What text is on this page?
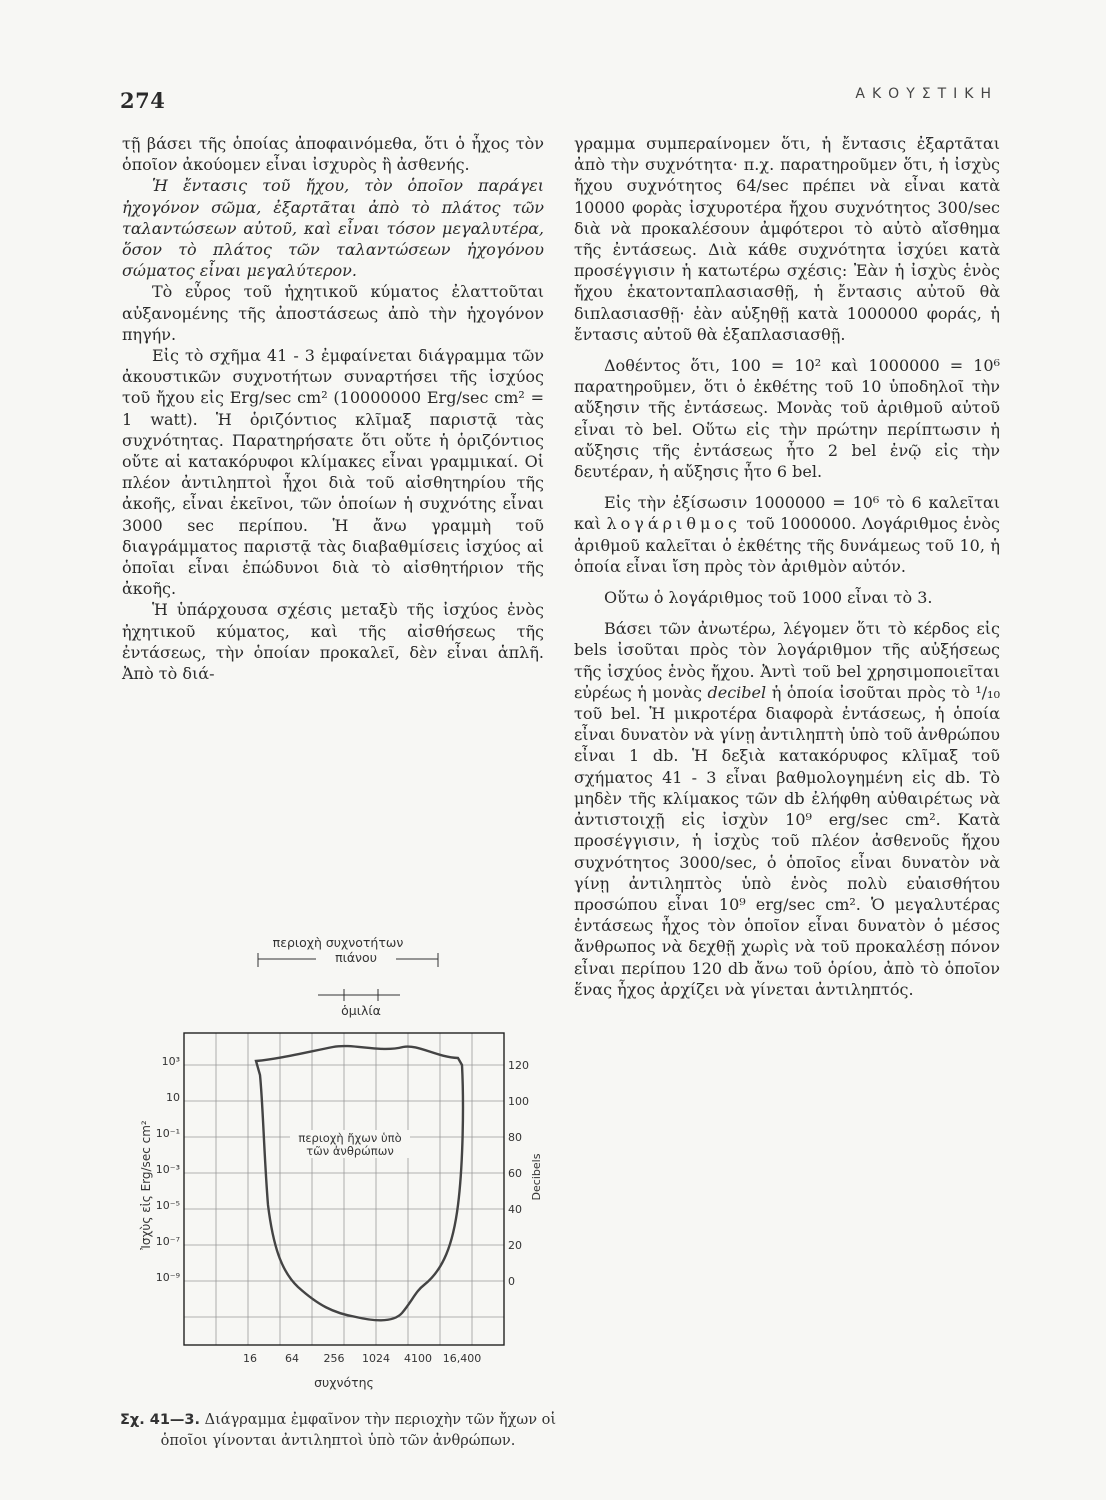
274	ΑΚΟΥΣΤΙΚΗ

τῇ βάσει τῆς ὁποίας ἀποφαινόμεθα, ὅτι ὁ ἦχος τὸν ὁποῖον ἀκούομεν εἶναι ἰσχυρὸς ἢ ἀσθενής.

Ἡ ἔντασις τοῦ ἤχου, τὸν ὁποῖον παράγει ἠχογόνον σῶμα, ἐξαρτᾶται ἀπὸ τὸ πλάτος τῶν ταλαντώσεων αὐτοῦ, καὶ εἶναι τόσον μεγαλυτέρα, ὅσον τὸ πλάτος τῶν ταλαντώσεων ἠχογόνου σώματος εἶναι μεγαλύτερον.

Τὸ εὖρος τοῦ ἠχητικοῦ κύματος ἐλαττοῦται αὐξανομένης τῆς ἀποστάσεως ἀπὸ τὴν ἠχογόνον πηγήν.

Εἰς τὸ σχῆμα 41 - 3 ἐμφαίνεται διάγραμμα τῶν ἀκουστικῶν συχνοτήτων συναρτήσει τῆς ἰσχύος τοῦ ἤχου εἰς Erg/sec cm² (10000000 Erg/sec cm² = 1 watt). Ἡ ὁριζόντιος κλῖμαξ παριστᾷ τὰς συχνότητας. Παρατηρήσατε ὅτι οὔτε ἡ ὁριζόντιος οὔτε αἱ κατακόρυφοι κλίμακες εἶναι γραμμικαί. Οἱ πλέον ἀντιληπτοὶ ἦχοι διὰ τοῦ αἰσθητηρίου τῆς ἀκοῆς, εἶναι ἐκεῖνοι, τῶν ὁποίων ἡ συχνότης εἶναι 3000 sec περίπου. Ἡ ἄνω γραμμὴ τοῦ διαγράμματος παριστᾷ τὰς διαβαθμίσεις ἰσχύος αἱ ὁποῖαι εἶναι ἐπώδυνοι διὰ τὸ αἰσθητήριον τῆς ἀκοῆς.

Ἡ ὑπάρχουσα σχέσις μεταξὺ τῆς ἰσχύος ἑνὸς ἠχητικοῦ κύματος, καὶ τῆς αἰσθήσεως τῆς ἐντάσεως, τὴν ὁποίαν προκαλεῖ, δὲν εἶναι ἁπλῆ. Ἀπὸ τὸ διά-

γραμμα συμπεραίνομεν ὅτι, ἡ ἔντασις ἐξαρτᾶται ἀπὸ τὴν συχνότητα· π.χ. παρατηροῦμεν ὅτι, ἡ ἰσχὺς ἤχου συχνότητος 64/sec πρέπει νὰ εἶναι κατὰ 10000 φορὰς ἰσχυροτέρα ἤχου συχνότητος 300/sec διὰ νὰ προκαλέσουν ἀμφότεροι τὸ αὐτὸ αἴσθημα τῆς ἐντάσεως. Διὰ κάθε συχνότητα ἰσχύει κατὰ προσέγγισιν ἡ κατωτέρω σχέσις: Ἐὰν ἡ ἰσχὺς ἑνὸς ἤχου ἑκατονταπλασιασθῇ, ἡ ἔντασις αὐτοῦ θὰ διπλασιασθῇ· ἐὰν αὐξηθῇ κατὰ 1000000 φοράς, ἡ ἔντασις αὐτοῦ θὰ ἑξαπλασιασθῇ.

Δοθέντος ὅτι, 100 = 10² καὶ 1000000 = 10⁶ παρατηροῦμεν, ὅτι ὁ ἐκθέτης τοῦ 10 ὑποδηλοῖ τὴν αὔξησιν τῆς ἐντάσεως. Μονὰς τοῦ ἀριθμοῦ αὐτοῦ εἶναι τὸ bel. Οὕτω εἰς τὴν πρώτην περίπτωσιν ἡ αὔξησις τῆς ἐντάσεως ἦτο 2 bel ἐνῷ εἰς τὴν δευτέραν, ἡ αὔξησις ἦτο 6 bel.

Εἰς τὴν ἐξίσωσιν 1000000 = 10⁶ τὸ 6 καλεῖται καὶ λογάριθμος τοῦ 1000000. Λογάριθμος ἑνὸς ἀριθμοῦ καλεῖται ὁ ἐκθέτης τῆς δυνάμεως τοῦ 10, ἡ ὁποία εἶναι ἴση πρὸς τὸν ἀριθμὸν αὐτόν.

Οὕτω ὁ λογάριθμος τοῦ 1000 εἶναι τὸ 3.

Βάσει τῶν ἀνωτέρω, λέγομεν ὅτι τὸ κέρδος εἰς bels ἰσοῦται πρὸς τὸν λογάριθμον τῆς αὐξήσεως τῆς ἰσχύος ἑνὸς ἤχου. Ἀντὶ τοῦ bel χρησιμοποιεῖται εὐρέως ἡ μονὰς decibel ἡ ὁποία ἰσοῦται πρὸς τὸ ¹/₁₀ τοῦ bel. Ἡ μικροτέρα διαφορὰ ἐντάσεως, ἡ ὁποία εἶναι δυνατὸν νὰ γίνῃ ἀντιληπτὴ ὑπὸ τοῦ ἀνθρώπου εἶναι 1 db. Ἡ δεξιὰ κατακόρυφος κλῖμαξ τοῦ σχήματος 41 - 3 εἶναι βαθμολογημένη εἰς db. Τὸ μηδὲν τῆς κλίμακος τῶν db ἐλήφθη αὐθαιρέτως νὰ ἀντιστοιχῇ εἰς ἰσχὺν 10⁹ erg/sec cm². Κατὰ προσέγγισιν, ἡ ἰσχὺς τοῦ πλέον ἀσθενοῦς ἤχου συχνότητος 3000/sec, ὁ ὁποῖος εἶναι δυνατὸν νὰ γίνῃ ἀντιληπτὸς ὑπὸ ἑνὸς πολὺ εὐαισθήτου προσώπου εἶναι 10⁹ erg/sec cm². Ὁ μεγαλυτέρας ἐντάσεως ἦχος τὸν ὁποῖον εἶναι δυνατὸν ὁ μέσος ἄνθρωπος νὰ δεχθῇ χωρὶς νὰ τοῦ προκαλέσῃ πόνον εἶναι περίπου 120 db ἄνω τοῦ ὁρίου, ἀπὸ τὸ ὁποῖον ἕνας ἦχος ἀρχίζει νὰ γίνεται ἀντιληπτός.

περιοχὴ συχνοτήτων
πιάνου
ὁμιλία
περιοχὴ ἤχων ὑπὸ
τῶν ἀνθρώπων
10³
10
10⁻¹
10⁻³
10⁻⁵
10⁻⁷
10⁻⁹
120
100
80
60
40
20
0
16	64 256 1024 4100 16,400
συχνότης
Ἰσχὺς εἰς Erg/sec cm²	Decibels
Σχ. 41—3. Διάγραμμα ἐμφαῖνον τὴν περιοχὴν τῶν ἤχων οἱ ὁποῖοι γίνονται ἀντιληπτοὶ ὑπὸ τῶν ἀνθρώπων.
